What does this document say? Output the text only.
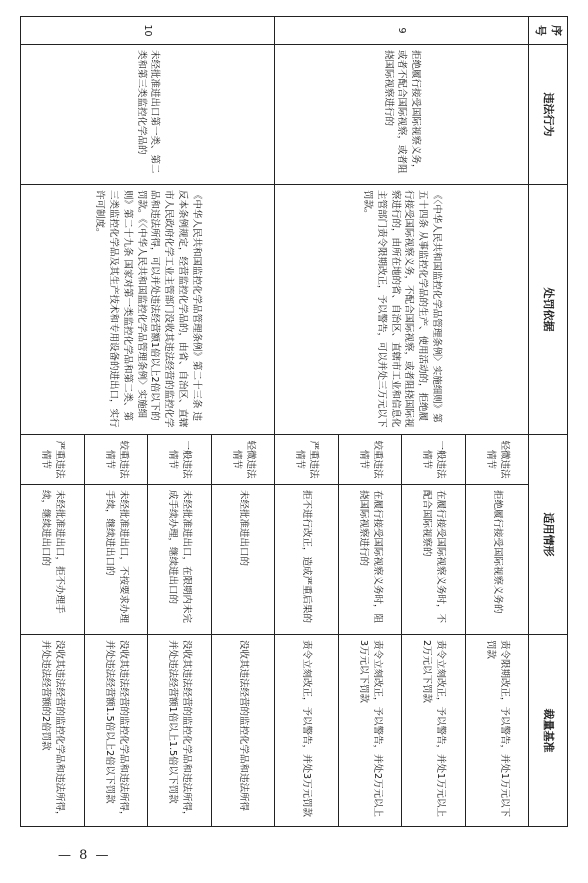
序号	违法行为	处罚依据	适用情形		裁量基准
9	拒绝履行接受国际视察义务，或者不配合国际视察，或者阻挠国际视察进行的	《〈中华人民共和国监控化学品管理条例〉实施细则》第五十四条 从事监控化学品的生产、使用活动的，拒绝履行接受国际视察义务，不配合国际视察，或者阻挠国际视察进行的，由所在地的省、自治区、直辖市工业和信息化主管部门责令限期改正，予以警告，可以并处三万元以下罚款。	轻微违法情节	拒绝履行接受国际视察义务的	责令限期改正，予以警告，并处1万元以下罚款
			一般违法情节	在履行接受国际视察义务时，不配合国际视察的	责令立刻改正，予以警告，并处1万元以上2万元以下罚款
			较重违法情节	在履行接受国际视察义务时，阻挠国际视察进行的	责令立刻改正，予以警告，并处2万元以上3万元以下罚款
			严重违法情节	拒不进行改正，造成严重后果的	责令立刻改正，予以警告，并处3万元罚款
10	未经批准进出口第一类、第二类和第三类监控化学品的	《中华人民共和国监控化学品管理条例》第二十三条 违反本条例规定，经营监控化学品的，由省、自治区、直辖市人民政府化学工业主管部门没收其违法经营的监控化学品和违法所得，可以并处违法经营额1倍以上2倍以下的罚款。《〈中华人民共和国监控化学品管理条例〉实施细则》第二十九条 国家对第一类监控化学品和第二类、第三类监控化学品及其生产技术和专用设备的进出口，实行许可制度。	轻微违法情节	未经批准进出口的	没收其违法经营的监控化学品和违法所得
			一般违法情节	未经批准进出口，在限期内未完成手续办理，继续进出口的	没收其违法经营的监控化学品和违法所得，并处违法经营额1倍以上1.5倍以下罚款
			较重违法情节	未经批准进出口，不按要求办理手续，继续进出口的	没收其违法经营的监控化学品和违法所得，并处违法经营额1.5倍以上2倍以下罚款
			严重违法情节	未经批准进出口，拒不办理手续，继续进出口的	没收其违法经营的监控化学品和违法所得，并处违法经营额的2倍罚款
— 8 —
